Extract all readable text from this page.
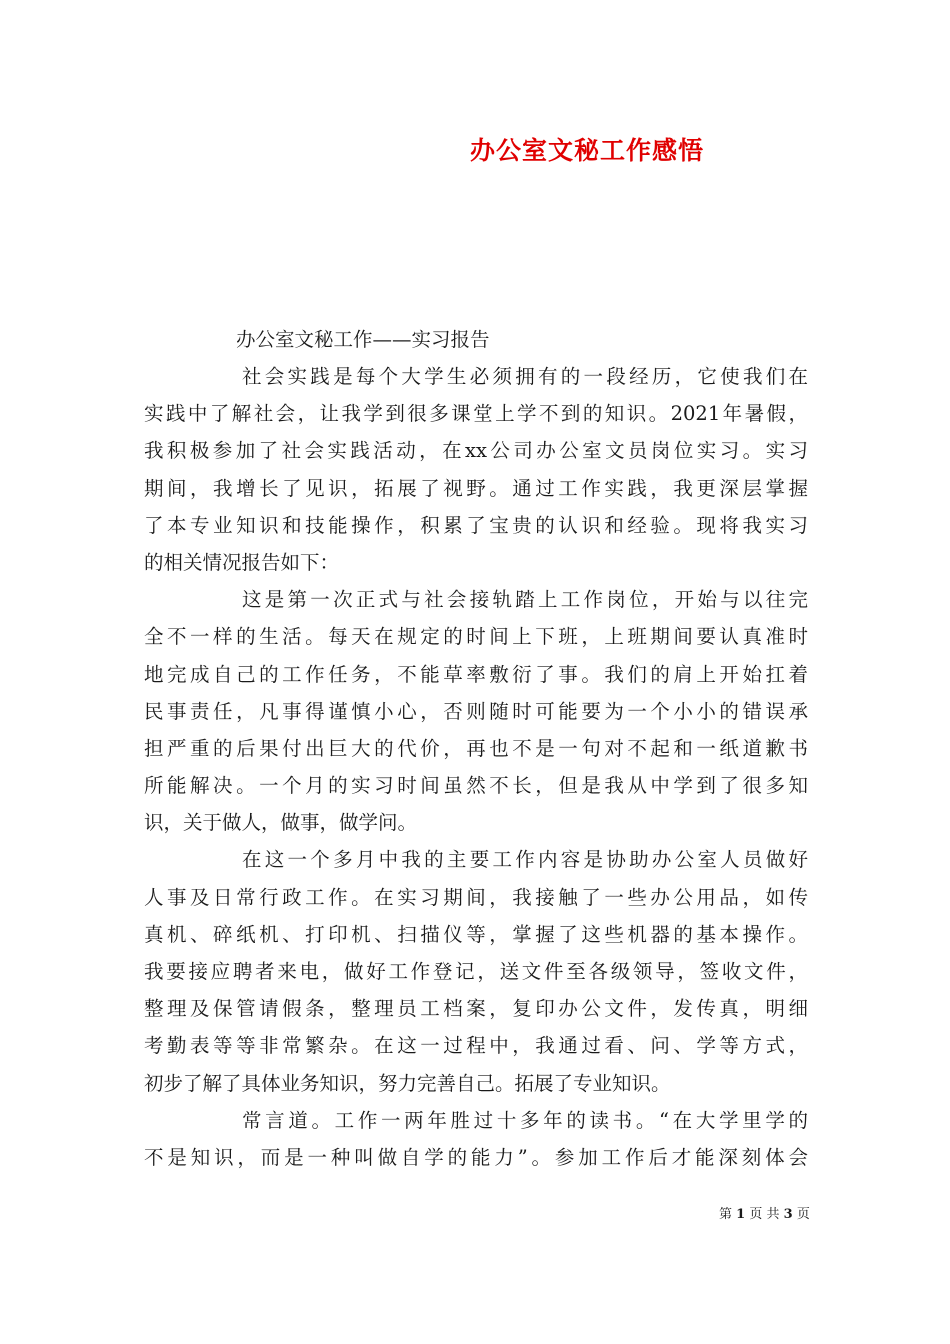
办公室文秘工作感悟
办公室文秘工作——实习报告
社会实践是每个大学生必须拥有的一段经历，它使我们在
实践中了解社会，让我学到很多课堂上学不到的知识。2021年暑假，
我积极参加了社会实践活动，在xx公司办公室文员岗位实习。实习
期间，我增长了见识，拓展了视野。通过工作实践，我更深层掌握
了本专业知识和技能操作，积累了宝贵的认识和经验。现将我实习
的相关情况报告如下：
这是第一次正式与社会接轨踏上工作岗位，开始与以往完
全不一样的生活。每天在规定的时间上下班，上班期间要认真准时
地完成自己的工作任务，不能草率敷衍了事。我们的肩上开始扛着
民事责任，凡事得谨慎小心，否则随时可能要为一个小小的错误承
担严重的后果付出巨大的代价，再也不是一句对不起和一纸道歉书
所能解决。一个月的实习时间虽然不长，但是我从中学到了很多知
识，关于做人，做事，做学问。
在这一个多月中我的主要工作内容是协助办公室人员做好
人事及日常行政工作。在实习期间，我接触了一些办公用品，如传
真机、碎纸机、打印机、扫描仪等，掌握了这些机器的基本操作。
我要接应聘者来电，做好工作登记，送文件至各级领导，签收文件，
整理及保管请假条，整理员工档案，复印办公文件，发传真，明细
考勤表等等非常繁杂。在这一过程中，我通过看、问、学等方式，
初步了解了具体业务知识，努力完善自己。拓展了专业知识。
常言道。工作一两年胜过十多年的读书。“在大学里学的
不是知识，而是一种叫做自学的能力”。参加工作后才能深刻体会
第 1 页 共 3 页
